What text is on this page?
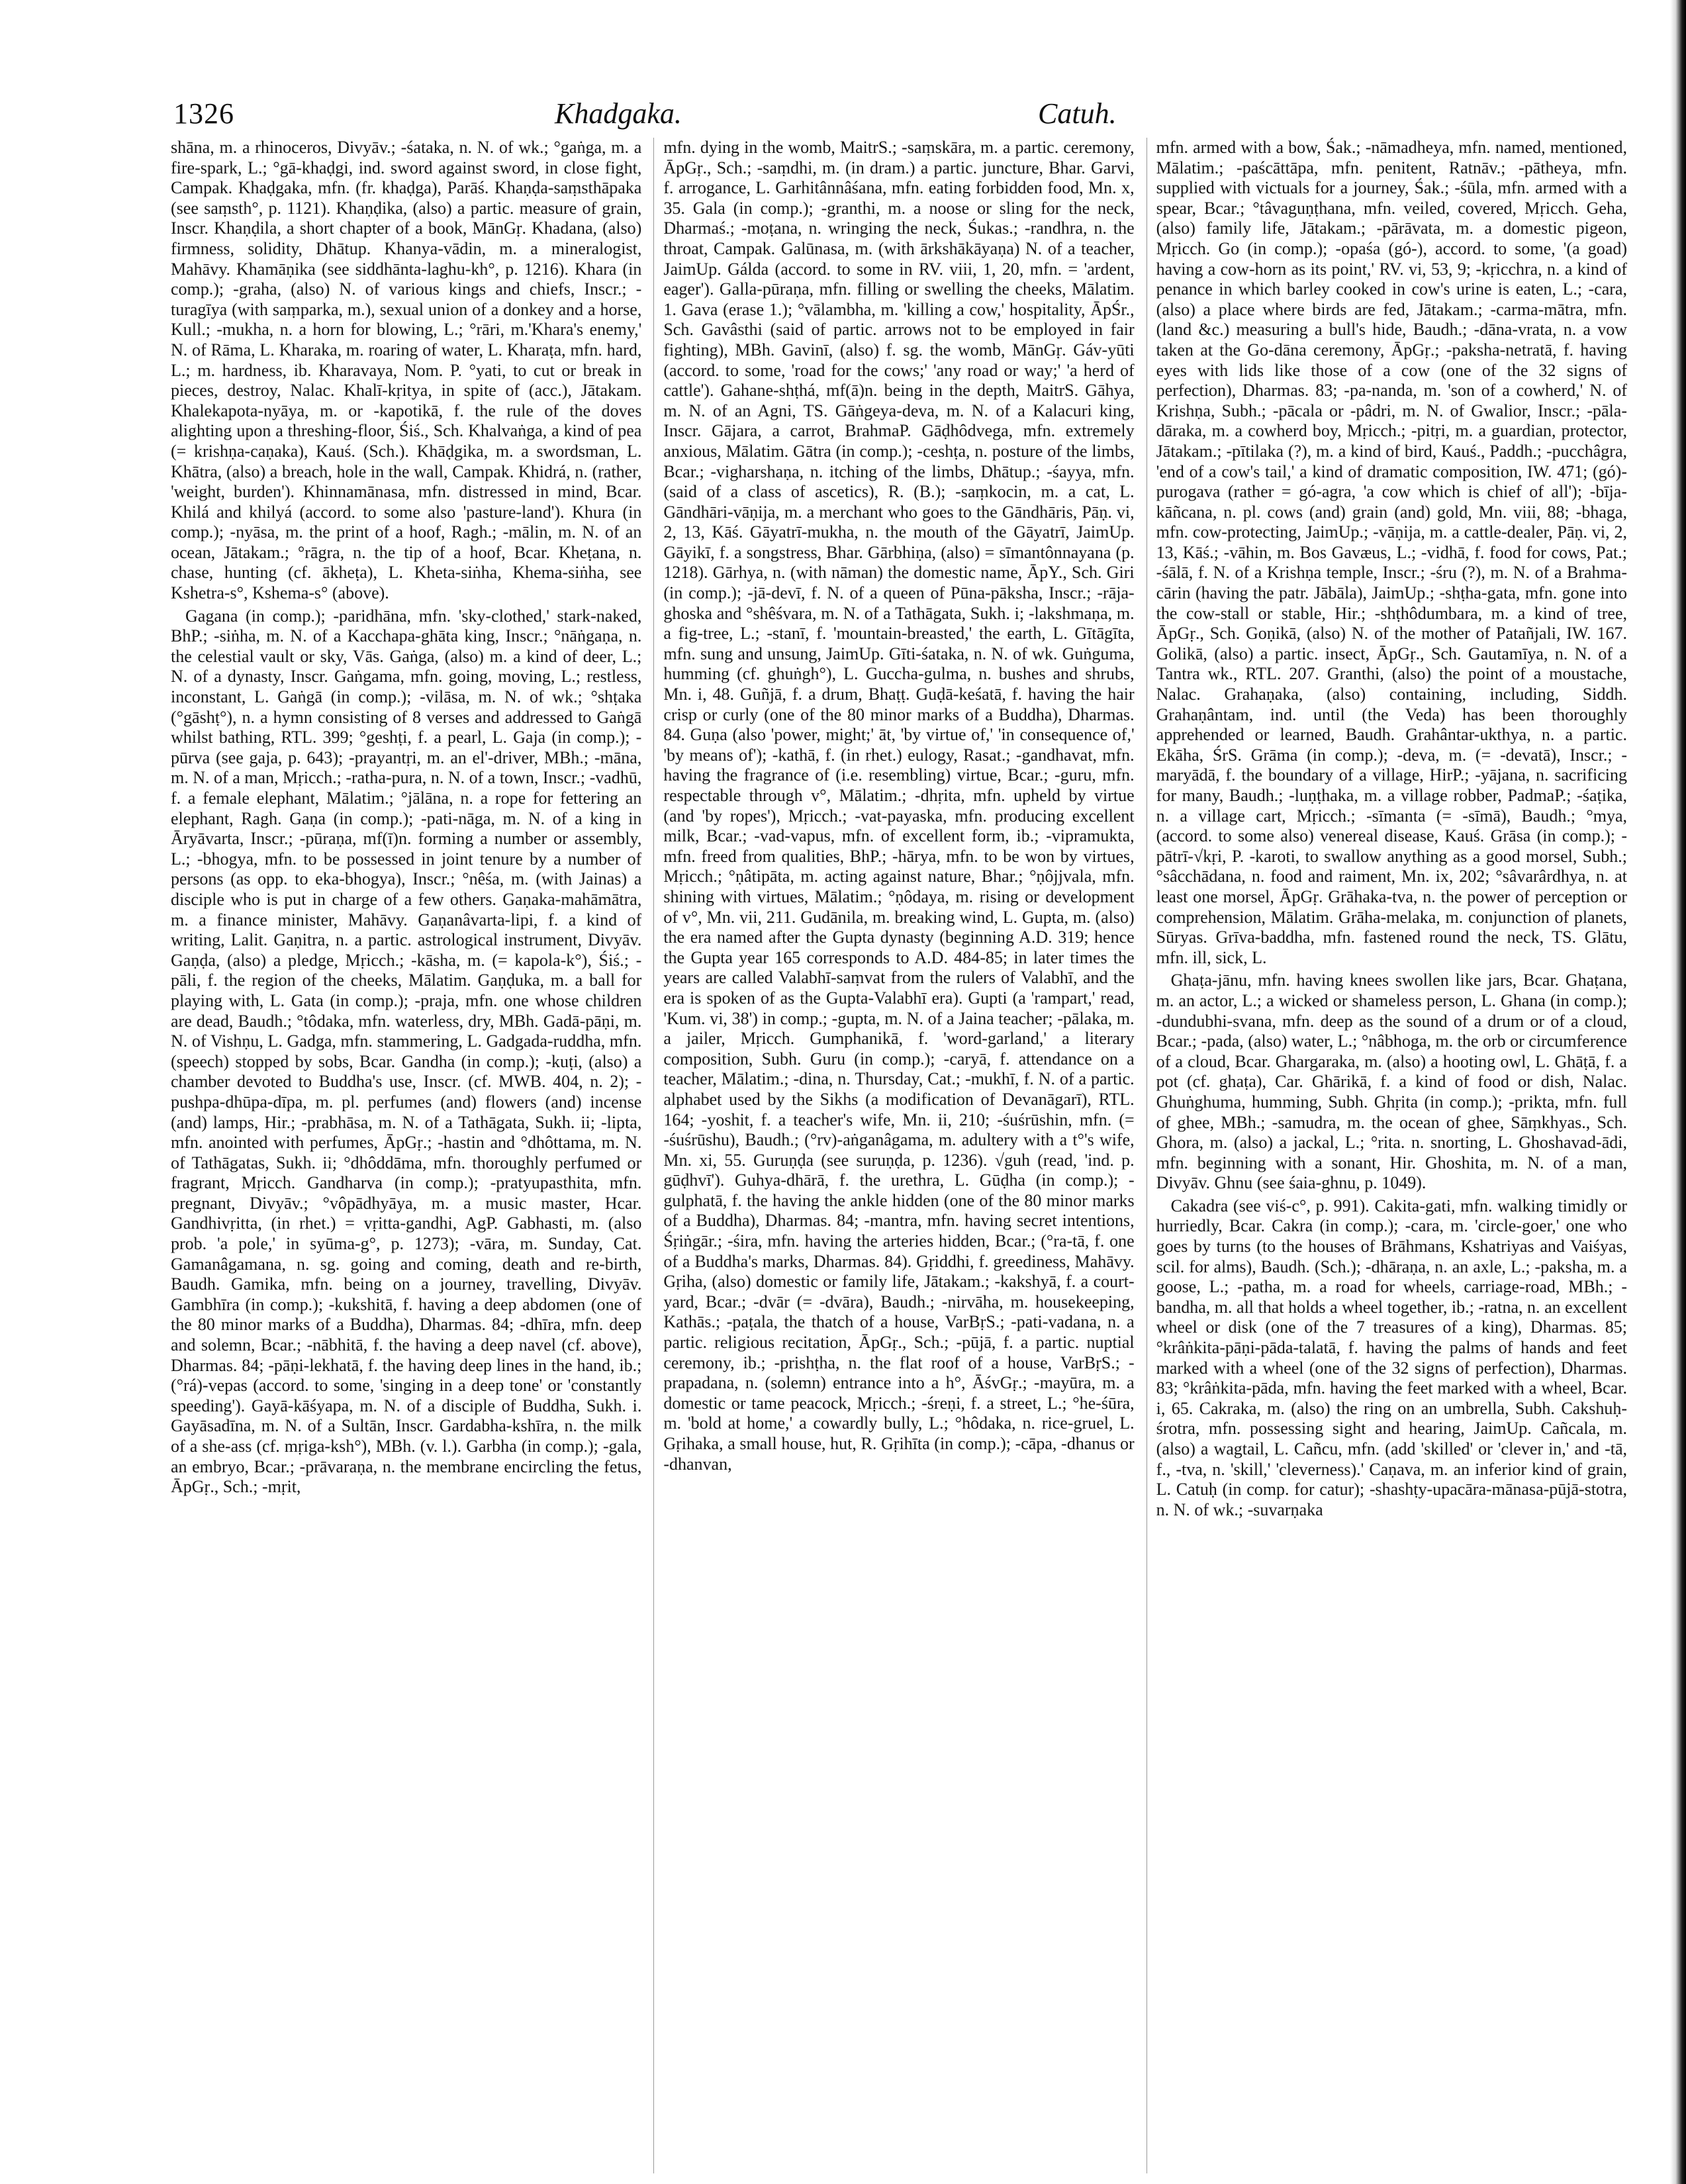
1326	Khadgaka.	Catuh.

shāna, m. a rhinoceros, Divyāv.; -śataka, n. N. of wk.; °gaṅga, m. a fire-spark, L.; °gā-khaḍgi, ind. sword against sword, in close fight, Campak. Khaḍgaka, mfn. (fr. khaḍga), Parāś. Khaṇḍa-saṃsthāpaka (see saṃsth°, p. 1121). Khaṇḍika, (also) a partic. measure of grain, Inscr. Khaṇḍila, a short chapter of a book, MānGṛ. Khadana, (also) firmness, solidity, Dhātup. Khanya-vādin, m. a mineralogist, Mahāvy. Khamāṇika (see siddhānta-laghu-kh°, p. 1216). Khara (in comp.); -graha, (also) N. of various kings and chiefs, Inscr.; -turagīya (with saṃparka, m.), sexual union of a donkey and a horse, Kull.; -mukha, n. a horn for blowing, L.; °rāri, m.'Khara's enemy,' N. of Rāma, L. Kharaka, m. roaring of water, L. Kharaṭa, mfn. hard, L.; m. hardness, ib. Kharavaya, Nom. P. °yati, to cut or break in pieces, destroy, Nalac. Khalī-kṛitya, in spite of (acc.), Jātakam. Khalekapota-nyāya, m. or -kapotikā, f. the rule of the doves alighting upon a threshing-floor, Śiś., Sch. Khalvaṅga, a kind of pea (= krishṇa-caṇaka), Kauś. (Sch.). Khāḍgika, m. a swordsman, L. Khātra, (also) a breach, hole in the wall, Campak. Khidrá, n. (rather, 'weight, burden'). Khinnamānasa, mfn. distressed in mind, Bcar. Khilá and khilyá (accord. to some also 'pasture-land'). Khura (in comp.); -nyāsa, m. the print of a hoof, Ragh.; -mālin, m. N. of an ocean, Jātakam.; °rāgra, n. the tip of a hoof, Bcar. Kheṭana, n. chase, hunting (cf. ākheṭa), L. Kheta-siṅha, Khema-siṅha, see Kshetra-s°, Kshema-s° (above).

Gagana (in comp.); -paridhāna, mfn. 'sky-clothed,' stark-naked, BhP.; -siṅha, m. N. of a Kacchapa-ghāta king, Inscr.; °nāṅgaṇa, n. the celestial vault or sky, Vās. Gaṅga, (also) m. a kind of deer, L.; N. of a dynasty, Inscr. Gaṅgama, mfn. going, moving, L.; restless, inconstant, L. Gaṅgā (in comp.); -vilāsa, m. N. of wk.; °shṭaka (°gāshṭ°), n. a hymn consisting of 8 verses and addressed to Gaṅgā whilst bathing, RTL. 399; °geshṭi, f. a pearl, L. Gaja (in comp.); -pūrva (see gaja, p. 643); -prayantṛi, m. an el'-driver, MBh.; -māna, m. N. of a man, Mṛicch.; -ratha-pura, n. N. of a town, Inscr.; -vadhū, f. a female elephant, Mālatim.; °jālāna, n. a rope for fettering an elephant, Ragh. Gaṇa (in comp.); -pati-nāga, m. N. of a king in Āryāvarta, Inscr.; -pūraṇa, mf(ī)n. forming a number or assembly, L.; -bhogya, mfn. to be possessed in joint tenure by a number of persons (as opp. to eka-bhogya), Inscr.; °nêśa, m. (with Jainas) a disciple who is put in charge of a few others. Gaṇaka-mahāmātra, m. a finance minister, Mahāvy. Gaṇanâvarta-lipi, f. a kind of writing, Lalit. Gaṇitra, n. a partic. astrological instrument, Divyāv. Gaṇḍa, (also) a pledge, Mṛicch.; -kāsha, m. (= kapola-k°), Śiś.; -pāli, f. the region of the cheeks, Mālatim. Gaṇḍuka, m. a ball for playing with, L. Gata (in comp.); -praja, mfn. one whose children are dead, Baudh.; °tôdaka, mfn. waterless, dry, MBh. Gadā-pāṇi, m. N. of Vishṇu, L. Gadga, mfn. stammering, L. Gadgada-ruddha, mfn. (speech) stopped by sobs, Bcar. Gandha (in comp.); -kuṭi, (also) a chamber devoted to Buddha's use, Inscr. (cf. MWB. 404, n. 2); -pushpa-dhūpa-dīpa, m. pl. perfumes (and) flowers (and) incense (and) lamps, Hir.; -prabhāsa, m. N. of a Tathāgata, Sukh. ii; -lipta, mfn. anointed with perfumes, ĀpGṛ.; -hastin and °dhôttama, m. N. of Tathāgatas, Sukh. ii; °dhôddāma, mfn. thoroughly perfumed or fragrant, Mṛicch. Gandharva (in comp.); -pratyupasthita, mfn. pregnant, Divyāv.; °vôpādhyāya, m. a music master, Hcar. Gandhivṛitta, (in rhet.) = vṛitta-gandhi, AgP. Gabhasti, m. (also prob. 'a pole,' in syūma-g°, p. 1273); -vāra, m. Sunday, Cat. Gamanâgamana, n. sg. going and coming, death and re-birth, Baudh. Gamika, mfn. being on a journey, travelling, Divyāv. Gambhīra (in comp.); -kukshitā, f. having a deep abdomen (one of the 80 minor marks of a Buddha), Dharmas. 84; -dhīra, mfn. deep and solemn, Bcar.; -nābhitā, f. the having a deep navel (cf. above), Dharmas. 84; -pāṇi-lekhatā, f. the having deep lines in the hand, ib.; (°rá)-vepas (accord. to some, 'singing in a deep tone' or 'constantly speeding'). Gayā-kāśyapa, m. N. of a disciple of Buddha, Sukh. i. Gayāsadīna, m. N. of a Sultān, Inscr. Gardabha-kshīra, n. the milk of a she-ass (cf. mṛiga-ksh°), MBh. (v. l.). Garbha (in comp.); -gala, an embryo, Bcar.; -prāvaraṇa, n. the membrane encircling the fetus, ĀpGṛ., Sch.; -mṛit,

mfn. dying in the womb, MaitrS.; -saṃskāra, m. a partic. ceremony, ĀpGṛ., Sch.; -saṃdhi, m. (in dram.) a partic. juncture, Bhar. Garvi, f. arrogance, L. Garhitânnâśana, mfn. eating forbidden food, Mn. x, 35. Gala (in comp.); -granthi, m. a noose or sling for the neck, Dharmaś.; -moṭana, n. wringing the neck, Śukas.; -randhra, n. the throat, Campak. Galūnasa, m. (with ārkshākāyaṇa) N. of a teacher, JaimUp. Gálda (accord. to some in RV. viii, 1, 20, mfn. = 'ardent, eager'). Galla-pūraṇa, mfn. filling or swelling the cheeks, Mālatim. 1. Gava (erase 1.); °vālambha, m. 'killing a cow,' hospitality, ĀpŚr., Sch. Gavâsthi (said of partic. arrows not to be employed in fair fighting), MBh. Gavinī, (also) f. sg. the womb, MānGṛ. Gáv-yūti (accord. to some, 'road for the cows;' 'any road or way;' 'a herd of cattle'). Gahane-shṭhá, mf(ā)n. being in the depth, MaitrS. Gāhya, m. N. of an Agni, TS. Gāṅgeya-deva, m. N. of a Kalacuri king, Inscr. Gājara, a carrot, BrahmaP. Gāḍhôdvega, mfn. extremely anxious, Mālatim. Gātra (in comp.); -ceshṭa, n. posture of the limbs, Bcar.; -vigharshaṇa, n. itching of the limbs, Dhātup.; -śayya, mfn. (said of a class of ascetics), R. (B.); -saṃkocin, m. a cat, L. Gāndhāri-vāṇija, m. a merchant who goes to the Gāndhāris, Pāṇ. vi, 2, 13, Kāś. Gāyatrī-mukha, n. the mouth of the Gāyatrī, JaimUp. Gāyikī, f. a songstress, Bhar. Gārbhiṇa, (also) = sīmantônnayana (p. 1218). Gārhya, n. (with nāman) the domestic name, ĀpY., Sch. Giri (in comp.); -jā-devī, f. N. of a queen of Pūna-pāksha, Inscr.; -rāja-ghoska and °shêśvara, m. N. of a Tathāgata, Sukh. i; -lakshmaṇa, m. a fig-tree, L.; -stanī, f. 'mountain-breasted,' the earth, L. Gītāgīta, mfn. sung and unsung, JaimUp. Gīti-śataka, n. N. of wk. Guṅguma, humming (cf. ghuṅgh°), L. Guccha-gulma, n. bushes and shrubs, Mn. i, 48. Guñjā, f. a drum, Bhaṭṭ. Guḍā-keśatā, f. having the hair crisp or curly (one of the 80 minor marks of a Buddha), Dharmas. 84. Guṇa (also 'power, might;' āt, 'by virtue of,' 'in consequence of,' 'by means of'); -kathā, f. (in rhet.) eulogy, Rasat.; -gandhavat, mfn. having the fragrance of (i.e. resembling) virtue, Bcar.; -guru, mfn. respectable through v°, Mālatim.; -dhṛita, mfn. upheld by virtue (and 'by ropes'), Mṛicch.; -vat-payaska, mfn. producing excellent milk, Bcar.; -vad-vapus, mfn. of excellent form, ib.; -vipramukta, mfn. freed from qualities, BhP.; -hārya, mfn. to be won by virtues, Mṛicch.; °ṇâtipāta, m. acting against nature, Bhar.; °ṇôjjvala, mfn. shining with virtues, Mālatim.; °ṇôdaya, m. rising or development of v°, Mn. vii, 211. Gudānila, m. breaking wind, L. Gupta, m. (also) the era named after the Gupta dynasty (beginning A.D. 319; hence the Gupta year 165 corresponds to A.D. 484-85; in later times the years are called Valabhī-saṃvat from the rulers of Valabhī, and the era is spoken of as the Gupta-Valabhī era). Gupti (a 'rampart,' read, 'Kum. vi, 38') in comp.; -gupta, m. N. of a Jaina teacher; -pālaka, m. a jailer, Mṛicch. Gumphanikā, f. 'word-garland,' a literary composition, Subh. Guru (in comp.); -caryā, f. attendance on a teacher, Mālatim.; -dina, n. Thursday, Cat.; -mukhī, f. N. of a partic. alphabet used by the Sikhs (a modification of Devanāgarī), RTL. 164; -yoshit, f. a teacher's wife, Mn. ii, 210; -śuśrūshin, mfn. (= -śuśrūshu), Baudh.; (°rv)-aṅganâgama, m. adultery with a t°'s wife, Mn. xi, 55. Guruṇḍa (see suruṇḍa, p. 1236). √guh (read, 'ind. p. gūḍhvī'). Guhya-dhārā, f. the urethra, L. Gūḍha (in comp.); -gulphatā, f. the having the ankle hidden (one of the 80 minor marks of a Buddha), Dharmas. 84; -mantra, mfn. having secret intentions, Śṛiṅgār.; -śira, mfn. having the arteries hidden, Bcar.; (°ra-tā, f. one of a Buddha's marks, Dharmas. 84). Gṛiddhi, f. greediness, Mahāvy. Gṛiha, (also) domestic or family life, Jātakam.; -kakshyā, f. a court-yard, Bcar.; -dvār (= -dvāra), Baudh.; -nirvāha, m. housekeeping, Kathās.; -paṭala, the thatch of a house, VarBṛS.; -pati-vadana, n. a partic. religious recitation, ĀpGṛ., Sch.; -pūjā, f. a partic. nuptial ceremony, ib.; -prishṭha, n. the flat roof of a house, VarBṛS.; -prapadana, n. (solemn) entrance into a h°, ĀśvGṛ.; -mayūra, m. a domestic or tame peacock, Mṛicch.; -śreṇi, f. a street, L.; °he-śūra, m. 'bold at home,' a cowardly bully, L.; °hôdaka, n. rice-gruel, L. Gṛihaka, a small house, hut, R. Gṛihīta (in comp.); -cāpa, -dhanus or -dhanvan,

mfn. armed with a bow, Śak.; -nāmadheya, mfn. named, mentioned, Mālatim.; -paścāttāpa, mfn. penitent, Ratnāv.; -pātheya, mfn. supplied with victuals for a journey, Śak.; -śūla, mfn. armed with a spear, Bcar.; °tâvaguṇṭhana, mfn. veiled, covered, Mṛicch. Geha, (also) family life, Jātakam.; -pārāvata, m. a domestic pigeon, Mṛicch. Go (in comp.); -opaśa (gó-), accord. to some, '(a goad) having a cow-horn as its point,' RV. vi, 53, 9; -kṛicchra, n. a kind of penance in which barley cooked in cow's urine is eaten, L.; -cara, (also) a place where birds are fed, Jātakam.; -carma-mātra, mfn. (land &c.) measuring a bull's hide, Baudh.; -dāna-vrata, n. a vow taken at the Go-dāna ceremony, ĀpGṛ.; -paksha-netratā, f. having eyes with lids like those of a cow (one of the 32 signs of perfection), Dharmas. 83; -pa-nanda, m. 'son of a cowherd,' N. of Krishṇa, Subh.; -pācala or -pâdri, m. N. of Gwalior, Inscr.; -pāla-dāraka, m. a cowherd boy, Mṛicch.; -pitṛi, m. a guardian, protector, Jātakam.; -pītilaka (?), m. a kind of bird, Kauś., Paddh.; -pucchâgra, 'end of a cow's tail,' a kind of dramatic composition, IW. 471; (gó)-purogava (rather = gó-agra, 'a cow which is chief of all'); -bīja-kāñcana, n. pl. cows (and) grain (and) gold, Mn. viii, 88; -bhaga, mfn. cow-protecting, JaimUp.; -vāṇija, m. a cattle-dealer, Pāṇ. vi, 2, 13, Kāś.; -vāhin, m. Bos Gavæus, L.; -vidhā, f. food for cows, Pat.; -śālā, f. N. of a Krishṇa temple, Inscr.; -śru (?), m. N. of a Brahma-cārin (having the patr. Jābāla), JaimUp.; -shṭha-gata, mfn. gone into the cow-stall or stable, Hir.; -shṭhôdumbara, m. a kind of tree, ĀpGṛ., Sch. Goṇikā, (also) N. of the mother of Patañjali, IW. 167. Golikā, (also) a partic. insect, ĀpGṛ., Sch. Gautamīya, n. N. of a Tantra wk., RTL. 207. Granthi, (also) the point of a moustache, Nalac. Grahaṇaka, (also) containing, including, Siddh. Grahaṇântam, ind. until (the Veda) has been thoroughly apprehended or learned, Baudh. Grahântar-ukthya, n. a partic. Ekāha, ŚrS. Grāma (in comp.); -deva, m. (= -devatā), Inscr.; -maryādā, f. the boundary of a village, HirP.; -yājana, n. sacrificing for many, Baudh.; -luṇṭhaka, m. a village robber, PadmaP.; -śaṭika, n. a village cart, Mṛicch.; -sīmanta (= -sīmā), Baudh.; °mya, (accord. to some also) venereal disease, Kauś. Grāsa (in comp.); -pātrī-√kṛi, P. -karoti, to swallow anything as a good morsel, Subh.; °sâcchādana, n. food and raiment, Mn. ix, 202; °sâvarârdhya, n. at least one morsel, ĀpGṛ. Grāhaka-tva, n. the power of perception or comprehension, Mālatim. Grāha-melaka, m. conjunction of planets, Sūryas. Grīva-baddha, mfn. fastened round the neck, TS. Glātu, mfn. ill, sick, L.

Ghaṭa-jānu, mfn. having knees swollen like jars, Bcar. Ghaṭana, m. an actor, L.; a wicked or shameless person, L. Ghana (in comp.); -dundubhi-svana, mfn. deep as the sound of a drum or of a cloud, Bcar.; -pada, (also) water, L.; °nâbhoga, m. the orb or circumference of a cloud, Bcar. Ghargaraka, m. (also) a hooting owl, L. Ghāṭā, f. a pot (cf. ghaṭa), Car. Ghārikā, f. a kind of food or dish, Nalac. Ghuṅghuma, humming, Subh. Ghṛita (in comp.); -prikta, mfn. full of ghee, MBh.; -samudra, m. the ocean of ghee, Sāṃkhyas., Sch. Ghora, m. (also) a jackal, L.; °rita. n. snorting, L. Ghoshavad-ādi, mfn. beginning with a sonant, Hir. Ghoshita, m. N. of a man, Divyāv. Ghnu (see śaia-ghnu, p. 1049).

Cakadra (see viś-c°, p. 991). Cakita-gati, mfn. walking timidly or hurriedly, Bcar. Cakra (in comp.); -cara, m. 'circle-goer,' one who goes by turns (to the houses of Brāhmans, Kshatriyas and Vaiśyas, scil. for alms), Baudh. (Sch.); -dhāraṇa, n. an axle, L.; -paksha, m. a goose, L.; -patha, m. a road for wheels, carriage-road, MBh.; -bandha, m. all that holds a wheel together, ib.; -ratna, n. an excellent wheel or disk (one of the 7 treasures of a king), Dharmas. 85; °krâṅkita-pāṇi-pāda-talatā, f. having the palms of hands and feet marked with a wheel (one of the 32 signs of perfection), Dharmas. 83; °krâṅkita-pāda, mfn. having the feet marked with a wheel, Bcar. i, 65. Cakraka, m. (also) the ring on an umbrella, Subh. Cakshuḥ-śrotra, mfn. possessing sight and hearing, JaimUp. Cañcala, m. (also) a wagtail, L. Cañcu, mfn. (add 'skilled' or 'clever in,' and -tā, f., -tva, n. 'skill,' 'cleverness).' Caṇava, m. an inferior kind of grain, L. Catuḥ (in comp. for catur); -shashṭy-upacāra-mānasa-pūjā-stotra, n. N. of wk.; -suvarṇaka
